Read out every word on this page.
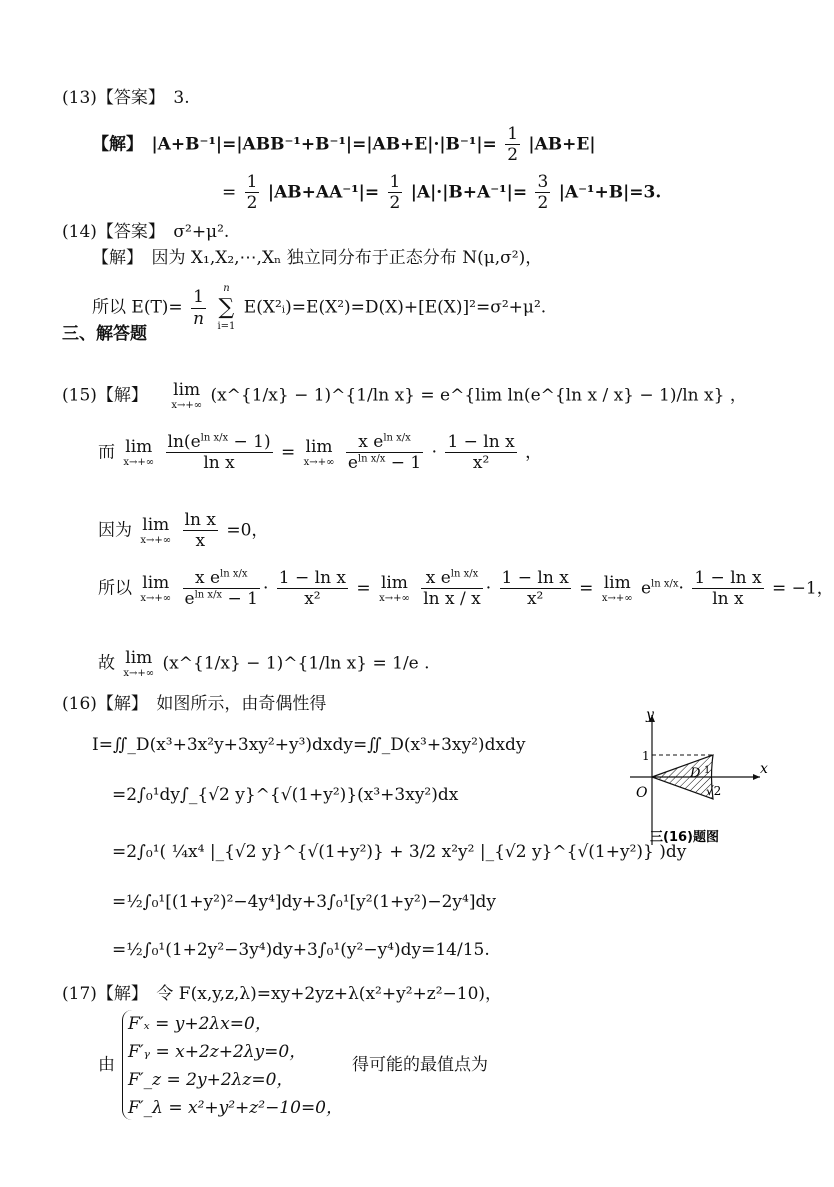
(13)【答案】　3.
【解】　$|A+B^{-1}|=|ABB^{-1}+B^{-1}|=|AB+E|\cdot|B^{-1}|= \frac{1}{2} |AB+E|$
= $\frac{1}{2} |AB+AA^{-1}|= \frac{1}{2} |A|\cdot|B+A^{-1}|= \frac{3}{2} |A^{-1}+B|=3$.
(14)【答案】　σ²+μ².
【解】　因为 X₁,X₂,⋯,Xₙ 独立同分布于正态分布 N(μ,σ²)，
所以 $E(T)= \frac{1}{n}$
	n
∑
i=1
E(X²ᵢ)=E(X²)=D(X)+[E(X)]²=σ²+μ².
三、解答题
(15)【解】 lim
x→+∞
(x^{1/x} − 1)^{1/ln x} = e^{lim ln(e^{ln x / x} − 1)/ln x} ，
而 lim
x→+∞
$\frac{\ln(e^{ln x/x} - 1)}{\text{ln x}} = \lim$
x→+∞
$\frac{x e^{ln x/x}}{e^{ln x/x} - 1} \cdot \frac{\text{1 − ln x}}{\text{x²}}$ ，
因为 lim
x→+∞
$\frac{\text{ln x}}{x} =0$，
所以 lim
x→+∞
$\frac{x e^{ln x/x}}{e^{ln x/x} - 1} \cdot \frac{\text{1 − ln x}}{\text{x²}} = \lim$
x→+∞
$\frac{x e^{ln x/x}}{\text{ln x / x}} \cdot \frac{\text{1 − ln x}}{\text{x²}} = \lim$
x→+∞
$e^{ln x/x}\cdot \frac{\text{1 − ln x}}{\text{ln x}} = -1$，
故 lim
x→+∞
(x^{1/x} − 1)^{1/ln x} = 1/e .
(16)【解】　如图所示，由奇偶性得
I=∬_D(x³+3x²y+3xy²+y³)dxdy=∬_D(x³+3xy²)dxdy
=2∫₀¹dy∫_{√2 y}^{√(1+y²)}(x³+3xy²)dx
=2∫₀¹( ¼x⁴ |_{√2 y}^{√(1+y²)} + 3/2 x²y² |_{√2 y}^{√(1+y²)} )dy
=½∫₀¹[(1+y²)²−4y⁴]dy+3∫₀¹[y²(1+y²)−2y⁴]dy
=½∫₀¹(1+2y²−3y⁴)dy+3∫₀¹(y²−y⁴)dy=14/15.
(17)【解】　令 F(x,y,z,λ)=xy+2yz+λ(x²+y²+z²−10)，
由
F′ₓ = y+2λx=0，
F′ᵧ = x+2z+2λy=0，
F′_z = 2y+2λz=0，
F′_λ = x²+y²+z²−10=0，
得可能的最值点为
y
x
O
1
D
√2
1
三(16)题图
